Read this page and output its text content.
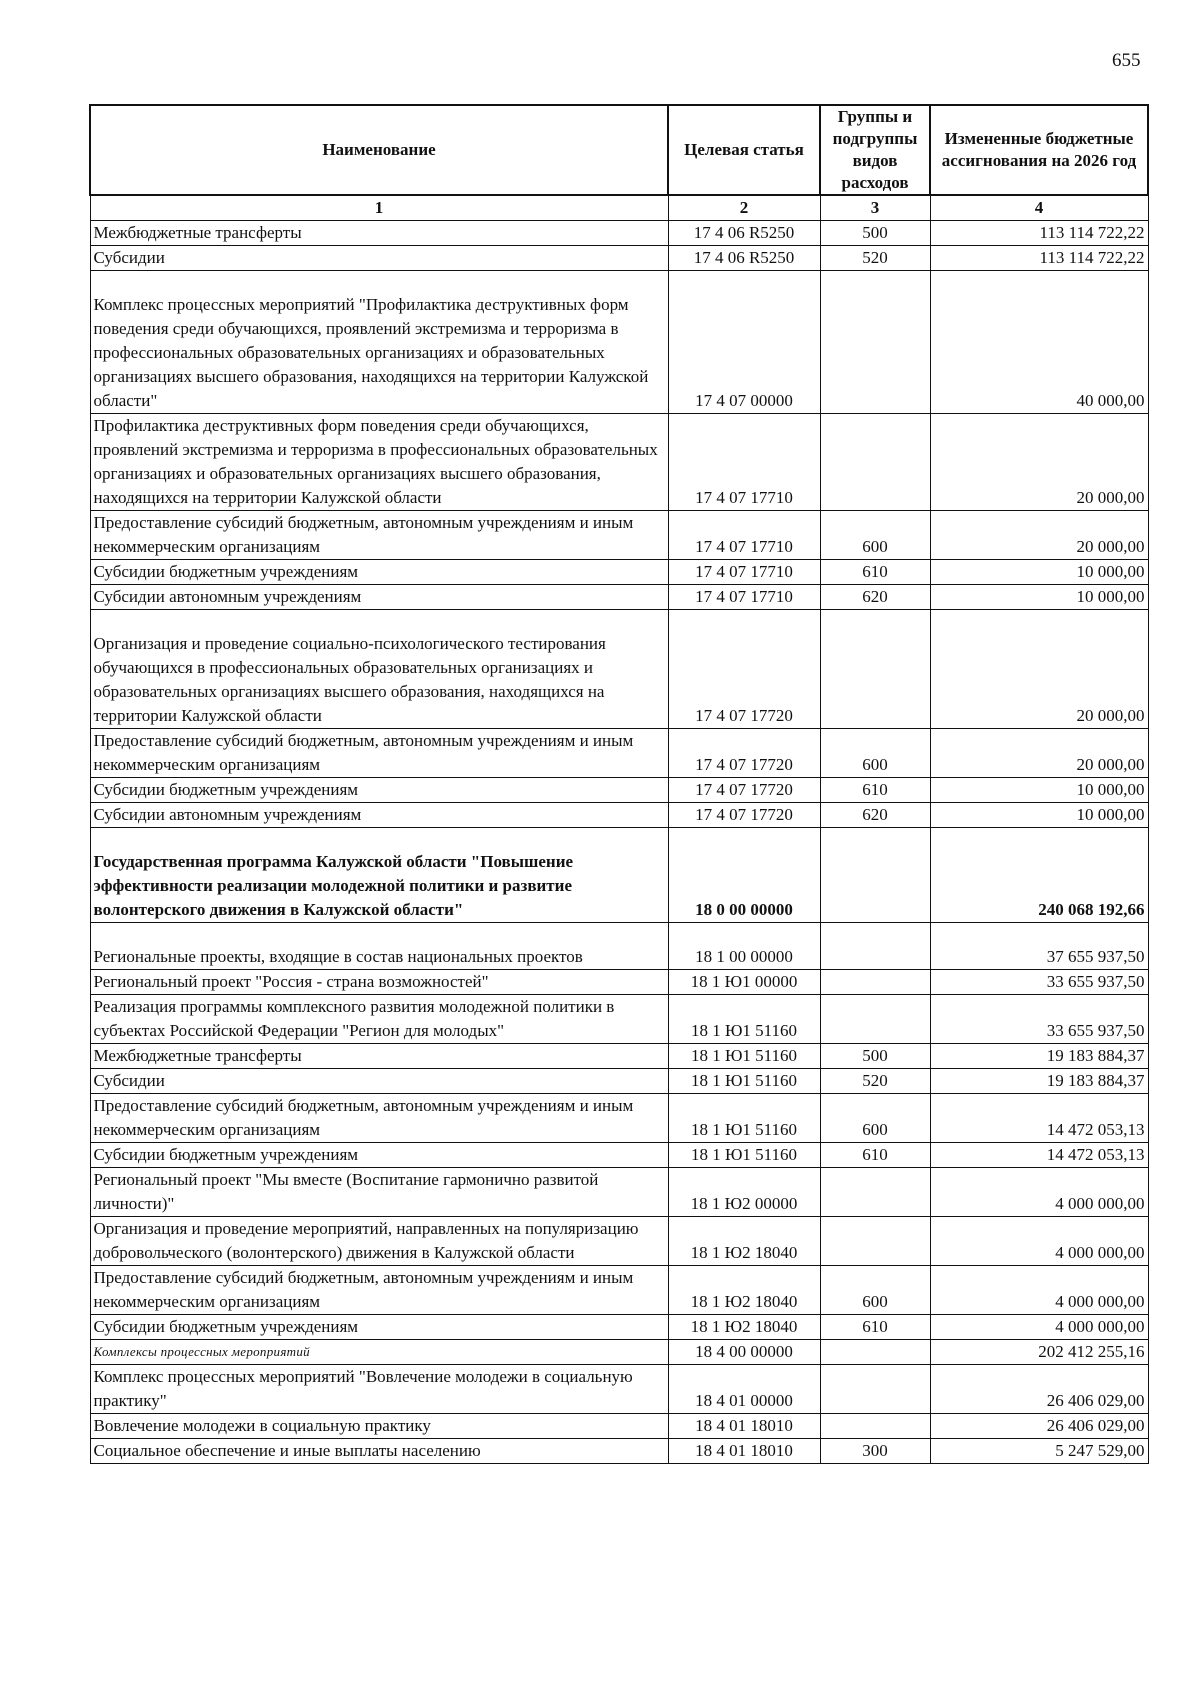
655
Наименование	Целевая статья	Группы и подгруппы видов расходов	Измененные бюджетные ассигнования на 2026 год
1	2	3	4
Межбюджетные трансферты	17 4 06 R5250	500	113 114 722,22
Субсидии	17 4 06 R5250	520	113 114 722,22
Комплекс процессных мероприятий "Профилактика деструктивных форм поведения среди обучающихся, проявлений экстремизма и терроризма в профессиональных образовательных организациях и образовательных организациях высшего образования, находящихся на территории Калужской области"	17 4 07 00000		40 000,00
Профилактика деструктивных форм поведения среди обучающихся, проявлений экстремизма и терроризма в профессиональных образовательных организациях и образовательных организациях высшего образования, находящихся на территории Калужской области	17 4 07 17710		20 000,00
Предоставление субсидий бюджетным, автономным учреждениям и иным некоммерческим организациям	17 4 07 17710	600	20 000,00
Субсидии бюджетным учреждениям	17 4 07 17710	610	10 000,00
Субсидии автономным учреждениям	17 4 07 17710	620	10 000,00
Организация и проведение социально-психологического тестирования обучающихся в профессиональных образовательных организациях и образовательных организациях высшего образования, находящихся на территории Калужской области	17 4 07 17720		20 000,00
Предоставление субсидий бюджетным, автономным учреждениям и иным некоммерческим организациям	17 4 07 17720	600	20 000,00
Субсидии бюджетным учреждениям	17 4 07 17720	610	10 000,00
Субсидии автономным учреждениям	17 4 07 17720	620	10 000,00
Государственная программа Калужской области "Повышение эффективности реализации молодежной политики и развитие волонтерского движения в Калужской области"	18 0 00 00000		240 068 192,66
Региональные проекты, входящие в состав национальных проектов	18 1 00 00000		37 655 937,50
Региональный проект "Россия - страна возможностей"	18 1 Ю1 00000		33 655 937,50
Реализация программы комплексного развития молодежной политики в субъектах Российской Федерации "Регион для молодых"	18 1 Ю1 51160		33 655 937,50
Межбюджетные трансферты	18 1 Ю1 51160	500	19 183 884,37
Субсидии	18 1 Ю1 51160	520	19 183 884,37
Предоставление субсидий бюджетным, автономным учреждениям и иным некоммерческим организациям	18 1 Ю1 51160	600	14 472 053,13
Субсидии бюджетным учреждениям	18 1 Ю1 51160	610	14 472 053,13
Региональный проект "Мы вместе (Воспитание гармонично развитой личности)"	18 1 Ю2 00000		4 000 000,00
Организация и проведение мероприятий, направленных на популяризацию добровольческого (волонтерского) движения в Калужской области	18 1 Ю2 18040		4 000 000,00
Предоставление субсидий бюджетным, автономным учреждениям и иным некоммерческим организациям	18 1 Ю2 18040	600	4 000 000,00
Субсидии бюджетным учреждениям	18 1 Ю2 18040	610	4 000 000,00
Комплексы процессных мероприятий	18 4 00 00000		202 412 255,16
Комплекс процессных мероприятий "Вовлечение молодежи в социальную практику"	18 4 01 00000		26 406 029,00
Вовлечение молодежи в социальную практику	18 4 01 18010		26 406 029,00
Социальное обеспечение и иные выплаты населению	18 4 01 18010	300	5 247 529,00
